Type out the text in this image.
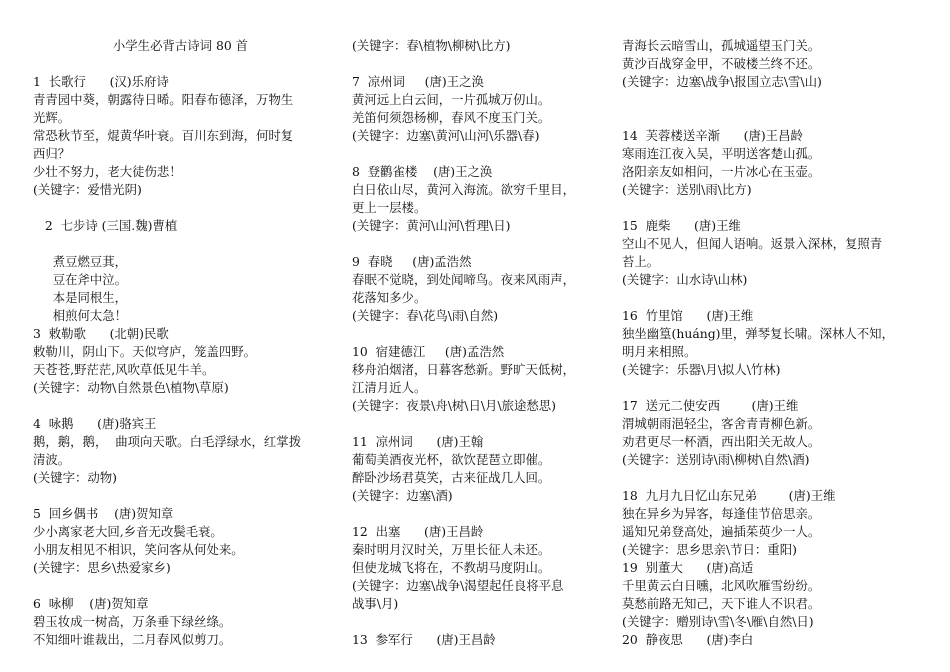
小学生必背古诗词 80 首
1  长歌行      (汉)乐府诗
青青园中葵，朝露待日晞。阳春布德泽，万物生
光辉。
常恐秋节至，焜黄华叶衰。百川东到海，何时复
西归？
少壮不努力，老大徒伤悲！
(关键字：爱惜光阴)
2  七步诗 (三国.魏)曹植
煮豆燃豆萁，
豆在斧中泣。
本是同根生，
相煎何太急！
3  敕勒歌      (北朝)民歌
敕勒川，阴山下。天似穹庐，笼盖四野。
天苍苍,野茫茫,风吹草低见牛羊。
(关键字：动物\自然景色\植物\草原)
4  咏鹅      (唐)骆宾王
鹅，鹅，鹅，  曲项向天歌。白毛浮绿水，红掌拨
清波。
(关键字：动物)
5  回乡偶书    (唐)贺知章
少小离家老大回,乡音无改鬓毛衰。
小朋友相见不相识，笑问客从何处来。
(关键字：思乡\热爱家乡)
6  咏柳    (唐)贺知章
碧玉妆成一树高，万条垂下绿丝绦。
不知细叶谁裁出，二月春风似剪刀。
(关键字：春\植物\柳树\比方)
7  凉州词     (唐)王之涣
黄河远上白云间，一片孤城万仞山。
羌笛何须怨杨柳，春风不度玉门关。
(关键字：边塞\黄河\山河\乐器\春)
8  登鹳雀楼    (唐)王之涣
白日依山尽，黄河入海流。欲穷千里目，
更上一层楼。
(关键字：黄河\山河\哲理\日)
9  春晓     (唐)孟浩然
春眠不觉晓，到处闻啼鸟。夜来风雨声，
花落知多少。
(关键字：春\花鸟\雨\自然)
10  宿建德江     (唐)孟浩然
移舟泊烟渚，日暮客愁新。野旷天低树，
江清月近人。
(关键字：夜景\舟\树\日\月\旅途愁思)
11  凉州词      (唐)王翰
葡萄美酒夜光杯，欲饮琵琶立即催。
醉卧沙场君莫笑，古来征战几人回。
(关键字：边塞\酒)
12  出塞      (唐)王昌龄
秦时明月汉时关，万里长征人未还。
但使龙城飞将在，不教胡马度阴山。
(关键字：边塞\战争\渴望起任良将平息
战事\月)
13  参军行      (唐)王昌龄
青海长云暗雪山，孤城遥望玉门关。
黄沙百战穿金甲，不破楼兰终不还。
(关键字：边塞\战争\报国立志\雪\山)
14  芙蓉楼送辛渐      (唐)王昌龄
寒雨连江夜入吴，平明送客楚山孤。
洛阳亲友如相问，一片冰心在玉壶。
(关键字：送别\雨\比方)
15  鹿柴      (唐)王维
空山不见人，但闻人语响。返景入深林，复照青
苔上。
(关键字：山水诗\山林)
16  竹里馆      (唐)王维
独坐幽篁(huáng)里，弹琴复长啸。深林人不知，
明月来相照。
(关键字：乐器\月\拟人\竹林)
17  送元二使安西        (唐)王维
渭城朝雨浥轻尘，客舍青青柳色新。
劝君更尽一杯酒，西出阳关无故人。
(关键字：送别诗\雨\柳树\自然\酒)
18  九月九日忆山东兄弟        (唐)王维
独在异乡为异客，每逢佳节倍思亲。
遥知兄弟登高处，遍插茱萸少一人。
(关键字：思乡思亲\节日：重阳)
19  别董大      (唐)高适
千里黄云白日曛，北风吹雁雪纷纷。
莫愁前路无知己，天下谁人不识君。
(关键字：赠别诗\雪\冬\雁\自然\日)
20  静夜思      (唐)李白
